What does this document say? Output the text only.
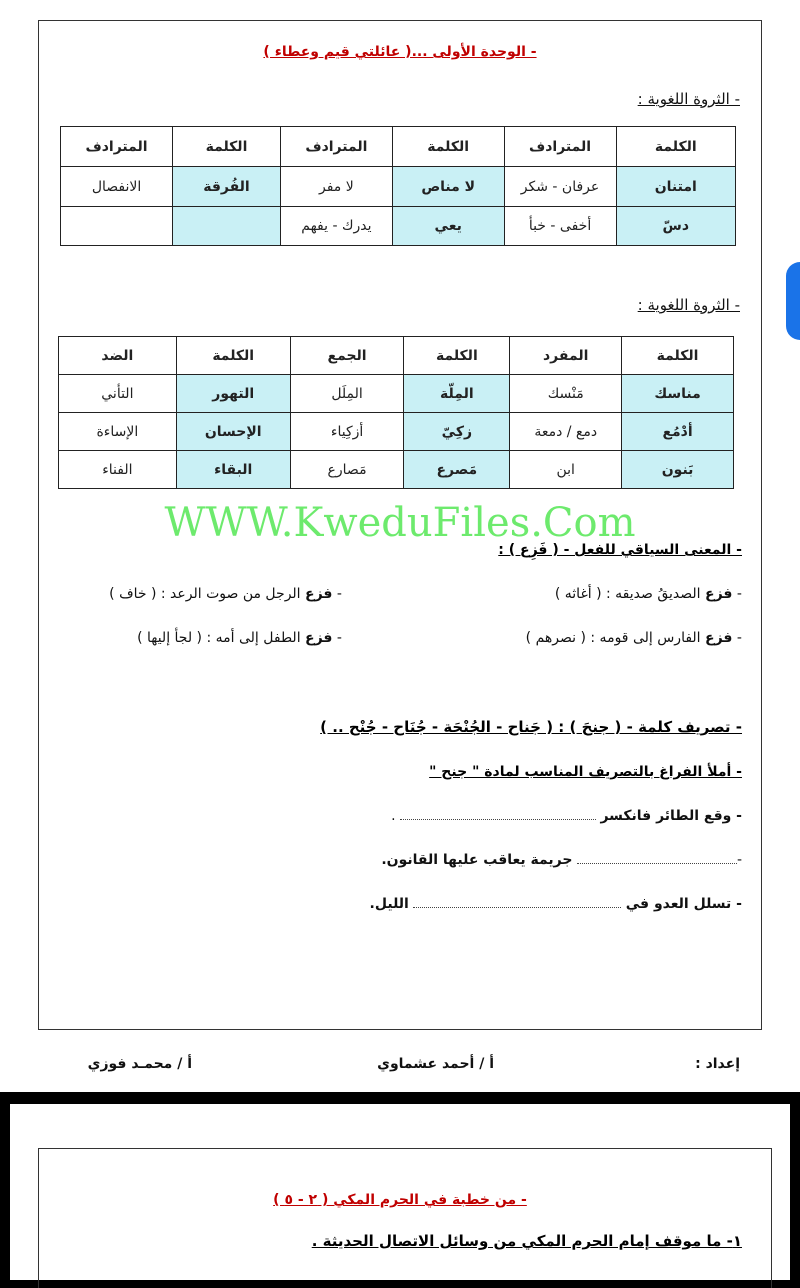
- الوحدة الأولى ...( عائلتي قيم وعطاء )
- الثروة اللغوية :
الكلمة	المترادف	الكلمة	المترادف	الكلمة	المترادف
امتنان	عرفان - شكر	لا مناص	لا مفر	الفُرقة	الانفصال
دسّ	أخفى - خبأ	يعي	يدرك - يفهم		
- الثروة اللغوية :
الكلمة	المفرد	الكلمة	الجمع	الكلمة	الضد
مناسك	مَنْسك	المِلّة	المِلَل	التهور	التأني
أدْمُع	دمع / دمعة	زكِيّ	أزكِياء	الإحسان	الإساءة
بَنون	ابن	مَصرع	مَصارع	البقاء	الفناء
WWW.KweduFiles.Com
- المعنى السياقي للفعل - ( فَزِع ) :
- فزع الصديقُ صديقه : ( أغاثه )
- فزع الرجل من صوت الرعد : ( خاف )
- فزع الفارس إلى قومه : ( نصرهم )
- فزع الطفل إلى أمه : ( لجأ إليها )
- تصريف كلمة - ( جنحَ ) : ( جَناح - الجُنْحَة - جُنَاح - جُنْح .. )
- أملأ الفراغ بالتصريف المناسب لمادة " جنح "
- وقع الطائر فانكسر  .
- جريمة يعاقب عليها القانون.
- تسلل العدو في  الليل.
إعداد :
أ / أحمد عشماوي
أ / محمـد فوزي
- من خطبة في الحرم المكي ( ٢ - ٥ )
١- ما موقف إمام الحرم المكي من وسائل الاتصال الحديثة .
